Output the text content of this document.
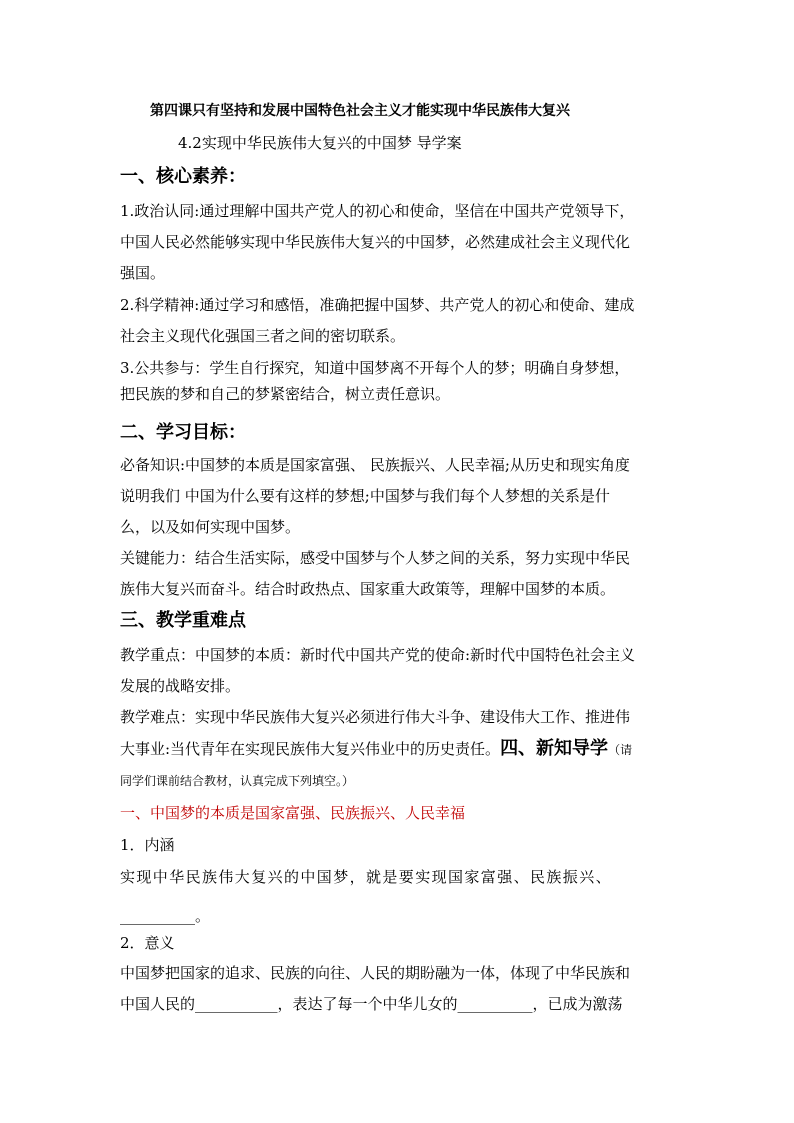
第四课只有坚持和发展中国特色社会主义才能实现中华民族伟大复兴
4.2实现中华民族伟大复兴的中国梦 导学案
一、核心素养：
1.政治认同:通过理解中国共产党人的初心和使命，坚信在中国共产党领导下，
中国人民必然能够实现中华民族伟大复兴的中国梦，必然建成社会主义现代化
强国。
2.科学精神:通过学习和感悟，准确把握中国梦、共产党人的初心和使命、建成
社会主义现代化强国三者之间的密切联系。
3.公共参与：学生自行探究，知道中国梦离不开每个人的梦；明确自身梦想，
把民族的梦和自己的梦紧密结合，树立责任意识。
二、学习目标：
必备知识:中国梦的本质是国家富强、 民族振兴、人民幸福;从历史和现实角度
说明我们 中国为什么要有这样的梦想;中国梦与我们每个人梦想的关系是什
么，以及如何实现中国梦。
关键能力：结合生活实际，感受中国梦与个人梦之间的关系，努力实现中华民
族伟大复兴而奋斗。结合时政热点、国家重大政策等，理解中国梦的本质。
三、教学重难点
教学重点：中国梦的本质：新时代中国共产党的使命:新时代中国特色社会主义
发展的战略安排。
教学难点：实现中华民族伟大复兴必须进行伟大斗争、建设伟大工作、推进伟
大事业:当代青年在实现民族伟大复兴伟业中的历史责任。四、新知导学（请
同学们课前结合教材，认真完成下列填空。）
一、中国梦的本质是国家富强、民族振兴、人民幸福
1．内涵
实现中华民族伟大复兴的中国梦，就是要实现国家富强、民族振兴、
__________。
2．意义
中国梦把国家的追求、民族的向往、人民的期盼融为一体，体现了中华民族和
中国人民的___________，表达了每一个中华儿女的__________，已成为激荡
